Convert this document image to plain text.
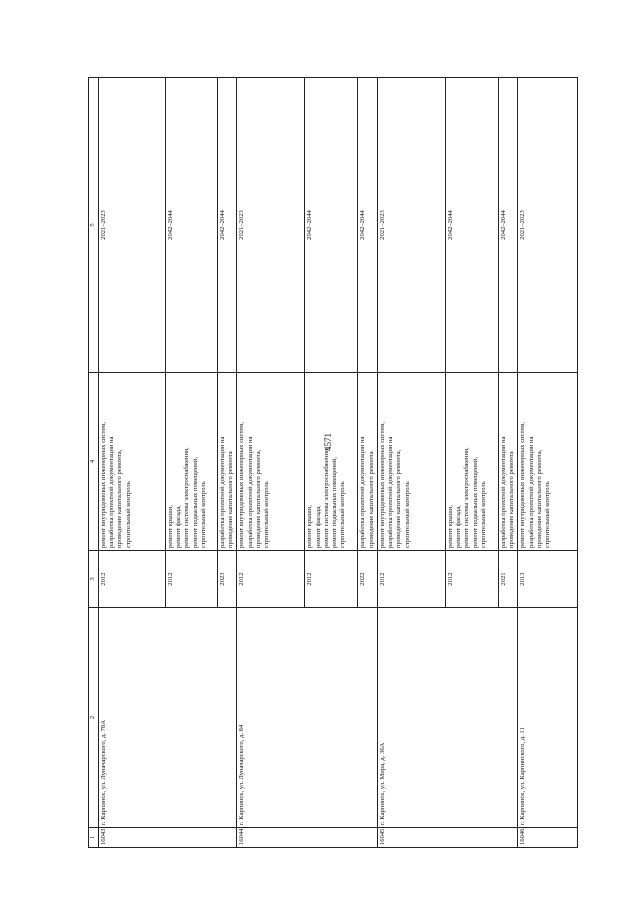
4571
1	2	3	4	5
16043.	г. Карпинск, ул. Луначарского, д. 78А	2012	ремонт внутридомовых инженерных систем, разработка проектной документации на проведение капитального ремонта, строительный контроль	2021–2023
		2012	ремонт крыши, ремонт фасада, ремонт системы электроснабжения, ремонт подвальных помещений, строительный контроль	2042–2044
		2023	разработка проектной документации на проведение капитального ремонта	2042–2044
16044.	г. Карпинск, ул. Луначарского, д. 84	2012	ремонт внутридомовых инженерных систем, разработка проектной документации на проведение капитального ремонта, строительный контроль	2021–2023
		2012	ремонт крыши, ремонт фасада, ремонт системы электроснабжения, ремонт подвальных помещений, строительный контроль	2042–2044
		2022	разработка проектной документации на проведение капитального ремонта	2042–2044
16045.	г. Карпинск, ул. Мира, д. 36А	2012	ремонт внутридомовых инженерных систем, разработка проектной документации на проведение капитального ремонта, строительный контроль	2021–2023
		2012	ремонт крыши, ремонт фасада, ремонт системы электроснабжения, ремонт подвальных помещений, строительный контроль	2042–2044
		2021	разработка проектной документации на проведение капитального ремонта	2042–2044
16046.	г. Карпинск, ул. Карпинского, д. 11	2013	ремонт внутридомовых инженерных систем, разработка проектной документации на проведение капитального ремонта, строительный контроль	2021–2023
